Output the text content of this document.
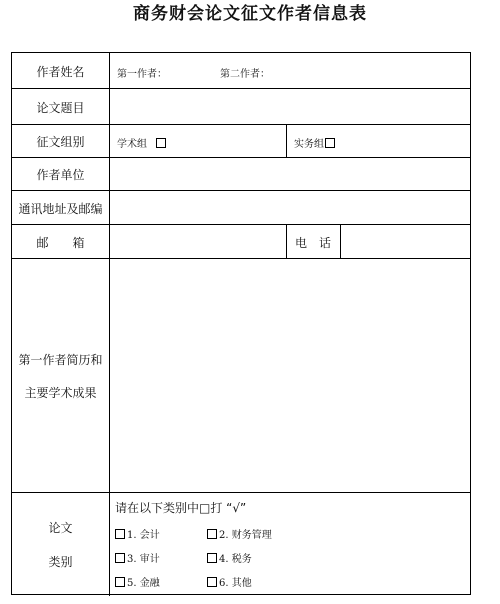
商务财会论文征文作者信息表
作者姓名	第一作者：	第二作者：
论文题目
征文组别	学术组	实务组
作者单位
通讯地址及邮编
邮　　箱	电　话
第一作者简历和
主要学术成果
论文
类别
请在以下类别中□打 “√”
1. 会计	2. 财务管理
3. 审计	4. 税务
5. 金融	6. 其他
